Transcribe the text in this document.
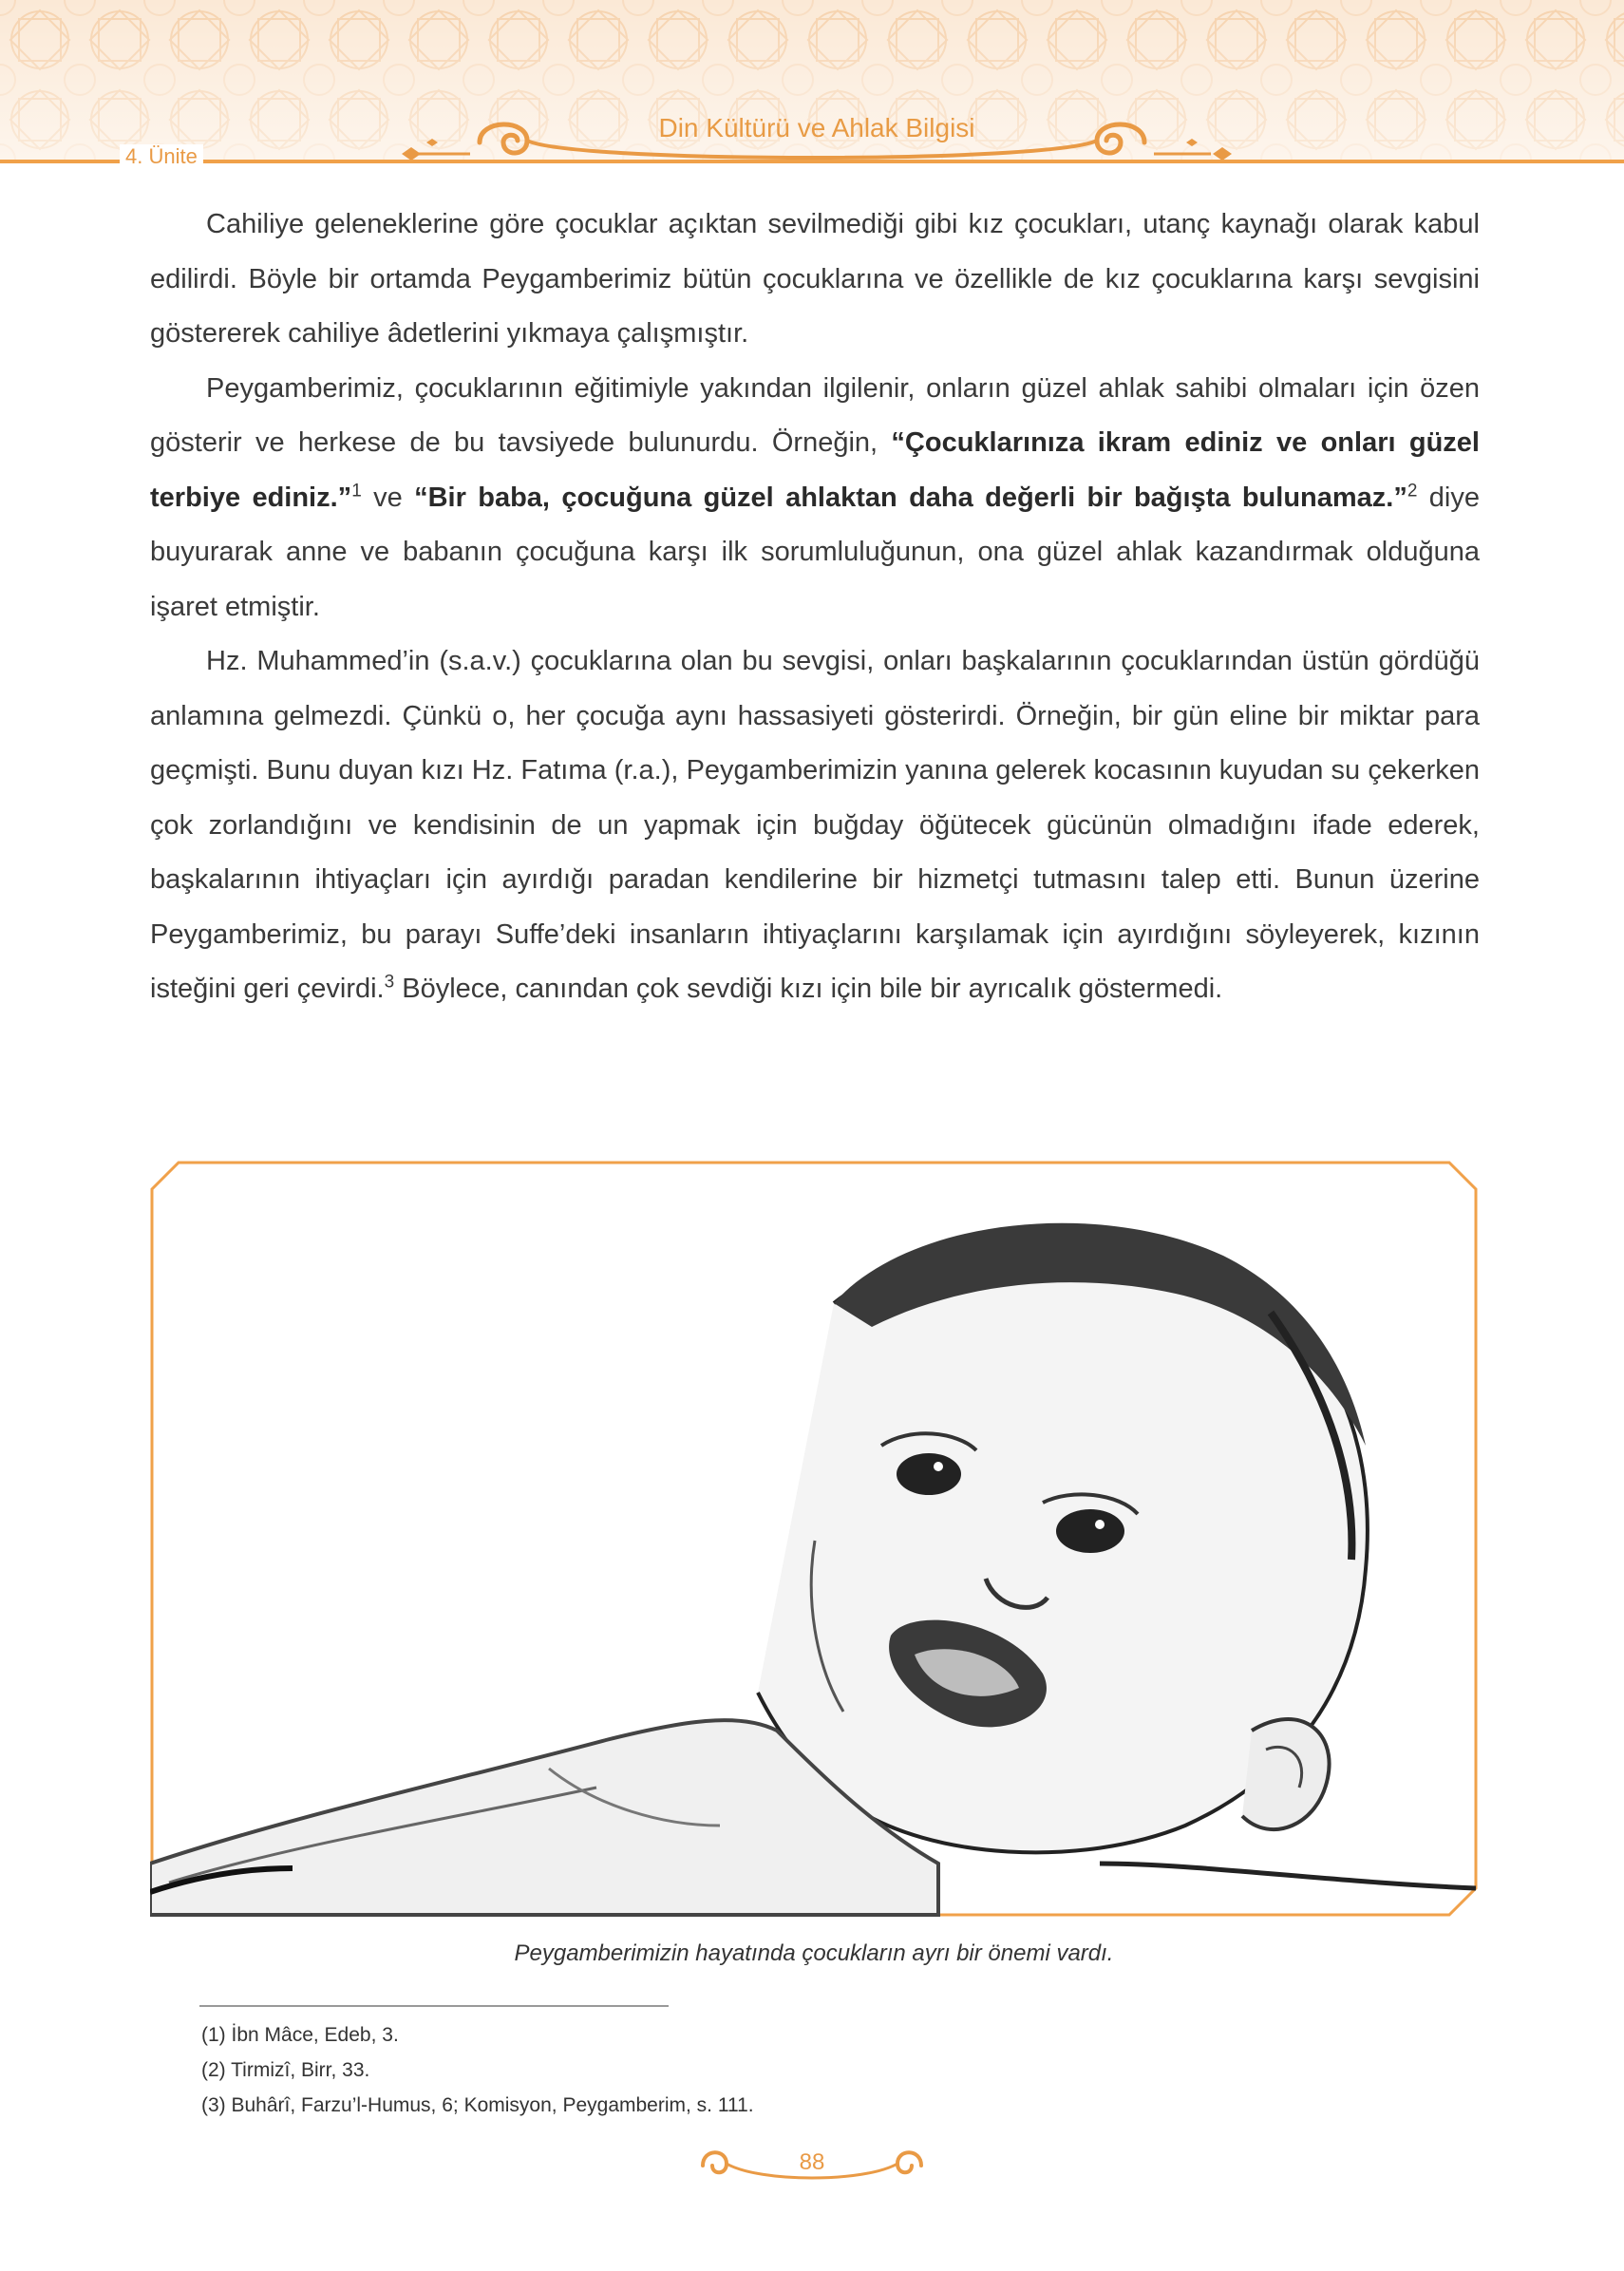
4. Ünite
Din Kültürü ve Ahlak Bilgisi

Cahiliye geleneklerine göre çocuklar açıktan sevilmediği gibi kız çocukları, utanç kaynağı olarak kabul edilirdi. Böyle bir ortamda Peygamberimiz bütün çocuklarına ve özellikle de kız çocuklarına karşı sevgisini göstererek cahiliye âdetlerini yıkmaya çalışmıştır.

Peygamberimiz, çocuklarının eğitimiyle yakından ilgilenir, onların güzel ahlak sahibi olmaları için özen gösterir ve herkese de bu tavsiyede bulunurdu. Örneğin, “Çocuklarınıza ikram ediniz ve onları güzel terbiye ediniz.”$^1$ ve “Bir baba, çocuğuna güzel ahlaktan daha değerli bir bağışta bulunamaz.”$^2$ diye buyurarak anne ve babanın çocuğuna karşı ilk sorumluluğunun, ona güzel ahlak kazandırmak olduğuna işaret etmiştir.

Hz. Muhammed’in (s.a.v.) çocuklarına olan bu sevgisi, onları başkalarının çocuklarından üstün gördüğü anlamına gelmezdi. Çünkü o, her çocuğa aynı hassasiyeti gösterirdi. Örneğin, bir gün eline bir miktar para geçmişti. Bunu duyan kızı Hz. Fatıma (r.a.), Peygamberimizin yanına gelerek kocasının kuyudan su çekerken çok zorlandığını ve kendisinin de un yapmak için buğday öğütecek gücünün olmadığını ifade ederek, başkalarının ihtiyaçları için ayırdığı paradan kendilerine bir hizmetçi tutmasını talep etti. Bunun üzerine Peygamberimiz, bu parayı Suffe’deki insanların ihtiyaçlarını karşılamak için ayırdığını söyleyerek, kızının isteğini geri çevirdi.$^3$ Böylece, canından çok sevdiği kızı için bile bir ayrıcalık göstermedi.

Peygamberimizin hayatında çocukların ayrı bir önemi vardı.
(1) İbn Mâce, Edeb, 3.
(2) Tirmizî, Birr, 33.
(3) Buhârî, Farzu’l-Humus, 6; Komisyon, Peygamberim, s. 111.
88
